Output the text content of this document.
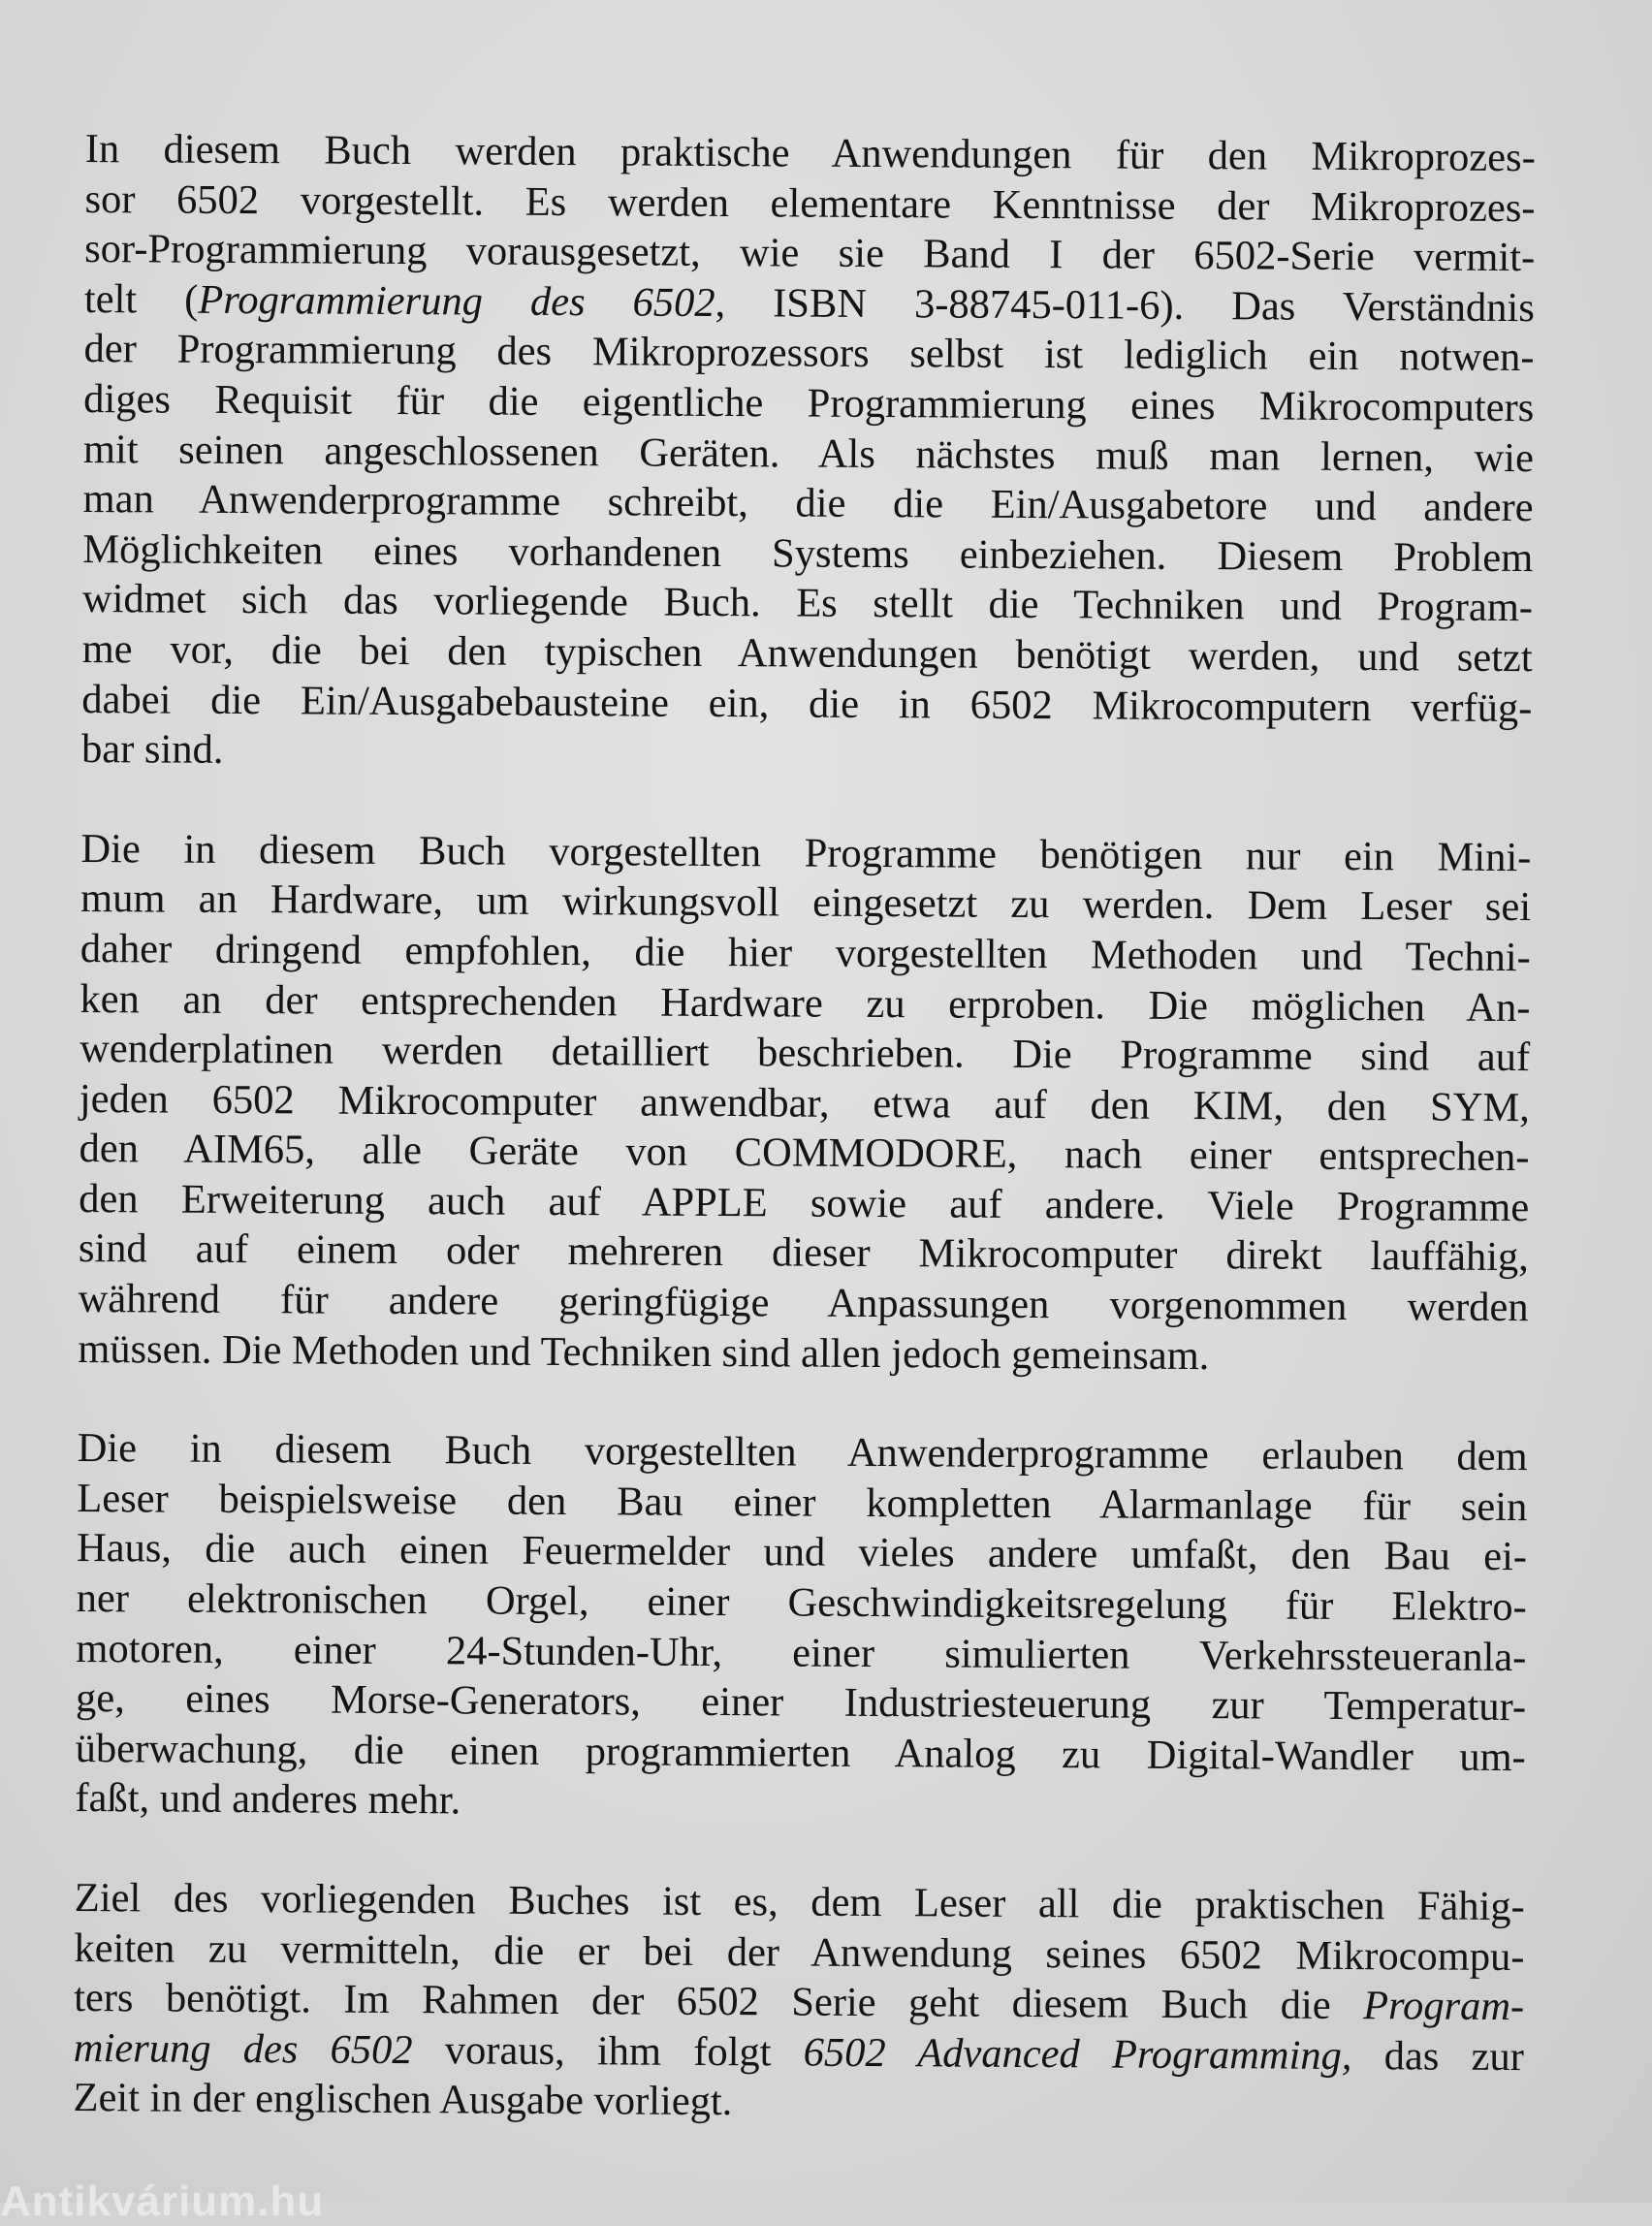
In diesem Buch werden praktische Anwendungen für den Mikroprozes-
sor 6502 vorgestellt. Es werden elementare Kenntnisse der Mikroprozes-
sor-Programmierung vorausgesetzt, wie sie Band I der 6502-Serie vermit-
telt (Programmierung des 6502, ISBN 3-88745-011-6). Das Verständnis
der Programmierung des Mikroprozessors selbst ist lediglich ein notwen-
diges Requisit für die eigentliche Programmierung eines Mikrocomputers
mit seinen angeschlossenen Geräten. Als nächstes muß man lernen, wie
man Anwenderprogramme schreibt, die die Ein/Ausgabetore und andere
Möglichkeiten eines vorhandenen Systems einbeziehen. Diesem Problem
widmet sich das vorliegende Buch. Es stellt die Techniken und Program-
me vor, die bei den typischen Anwendungen benötigt werden, und setzt
dabei die Ein/Ausgabebausteine ein, die in 6502 Mikrocomputern verfüg-
bar sind.
Die in diesem Buch vorgestellten Programme benötigen nur ein Mini-
mum an Hardware, um wirkungsvoll eingesetzt zu werden. Dem Leser sei
daher dringend empfohlen, die hier vorgestellten Methoden und Techni-
ken an der entsprechenden Hardware zu erproben. Die möglichen An-
wenderplatinen werden detailliert beschrieben. Die Programme sind auf
jeden 6502 Mikrocomputer anwendbar, etwa auf den KIM, den SYM,
den AIM65, alle Geräte von COMMODORE, nach einer entsprechen-
den Erweiterung auch auf APPLE sowie auf andere. Viele Programme
sind auf einem oder mehreren dieser Mikrocomputer direkt lauffähig,
während für andere geringfügige Anpassungen vorgenommen werden
müssen. Die Methoden und Techniken sind allen jedoch gemeinsam.
Die in diesem Buch vorgestellten Anwenderprogramme erlauben dem
Leser beispielsweise den Bau einer kompletten Alarmanlage für sein
Haus, die auch einen Feuermelder und vieles andere umfaßt, den Bau ei-
ner elektronischen Orgel, einer Geschwindigkeitsregelung für Elektro-
motoren, einer 24-Stunden-Uhr, einer simulierten Verkehrssteueranla-
ge, eines Morse-Generators, einer Industriesteuerung zur Temperatur-
überwachung, die einen programmierten Analog zu Digital-Wandler um-
faßt, und anderes mehr.
Ziel des vorliegenden Buches ist es, dem Leser all die praktischen Fähig-
keiten zu vermitteln, die er bei der Anwendung seines 6502 Mikrocompu-
ters benötigt. Im Rahmen der 6502 Serie geht diesem Buch die Program-
mierung des 6502 voraus, ihm folgt 6502 Advanced Programming, das zur
Zeit in der englischen Ausgabe vorliegt.
Antikvárium.hu
